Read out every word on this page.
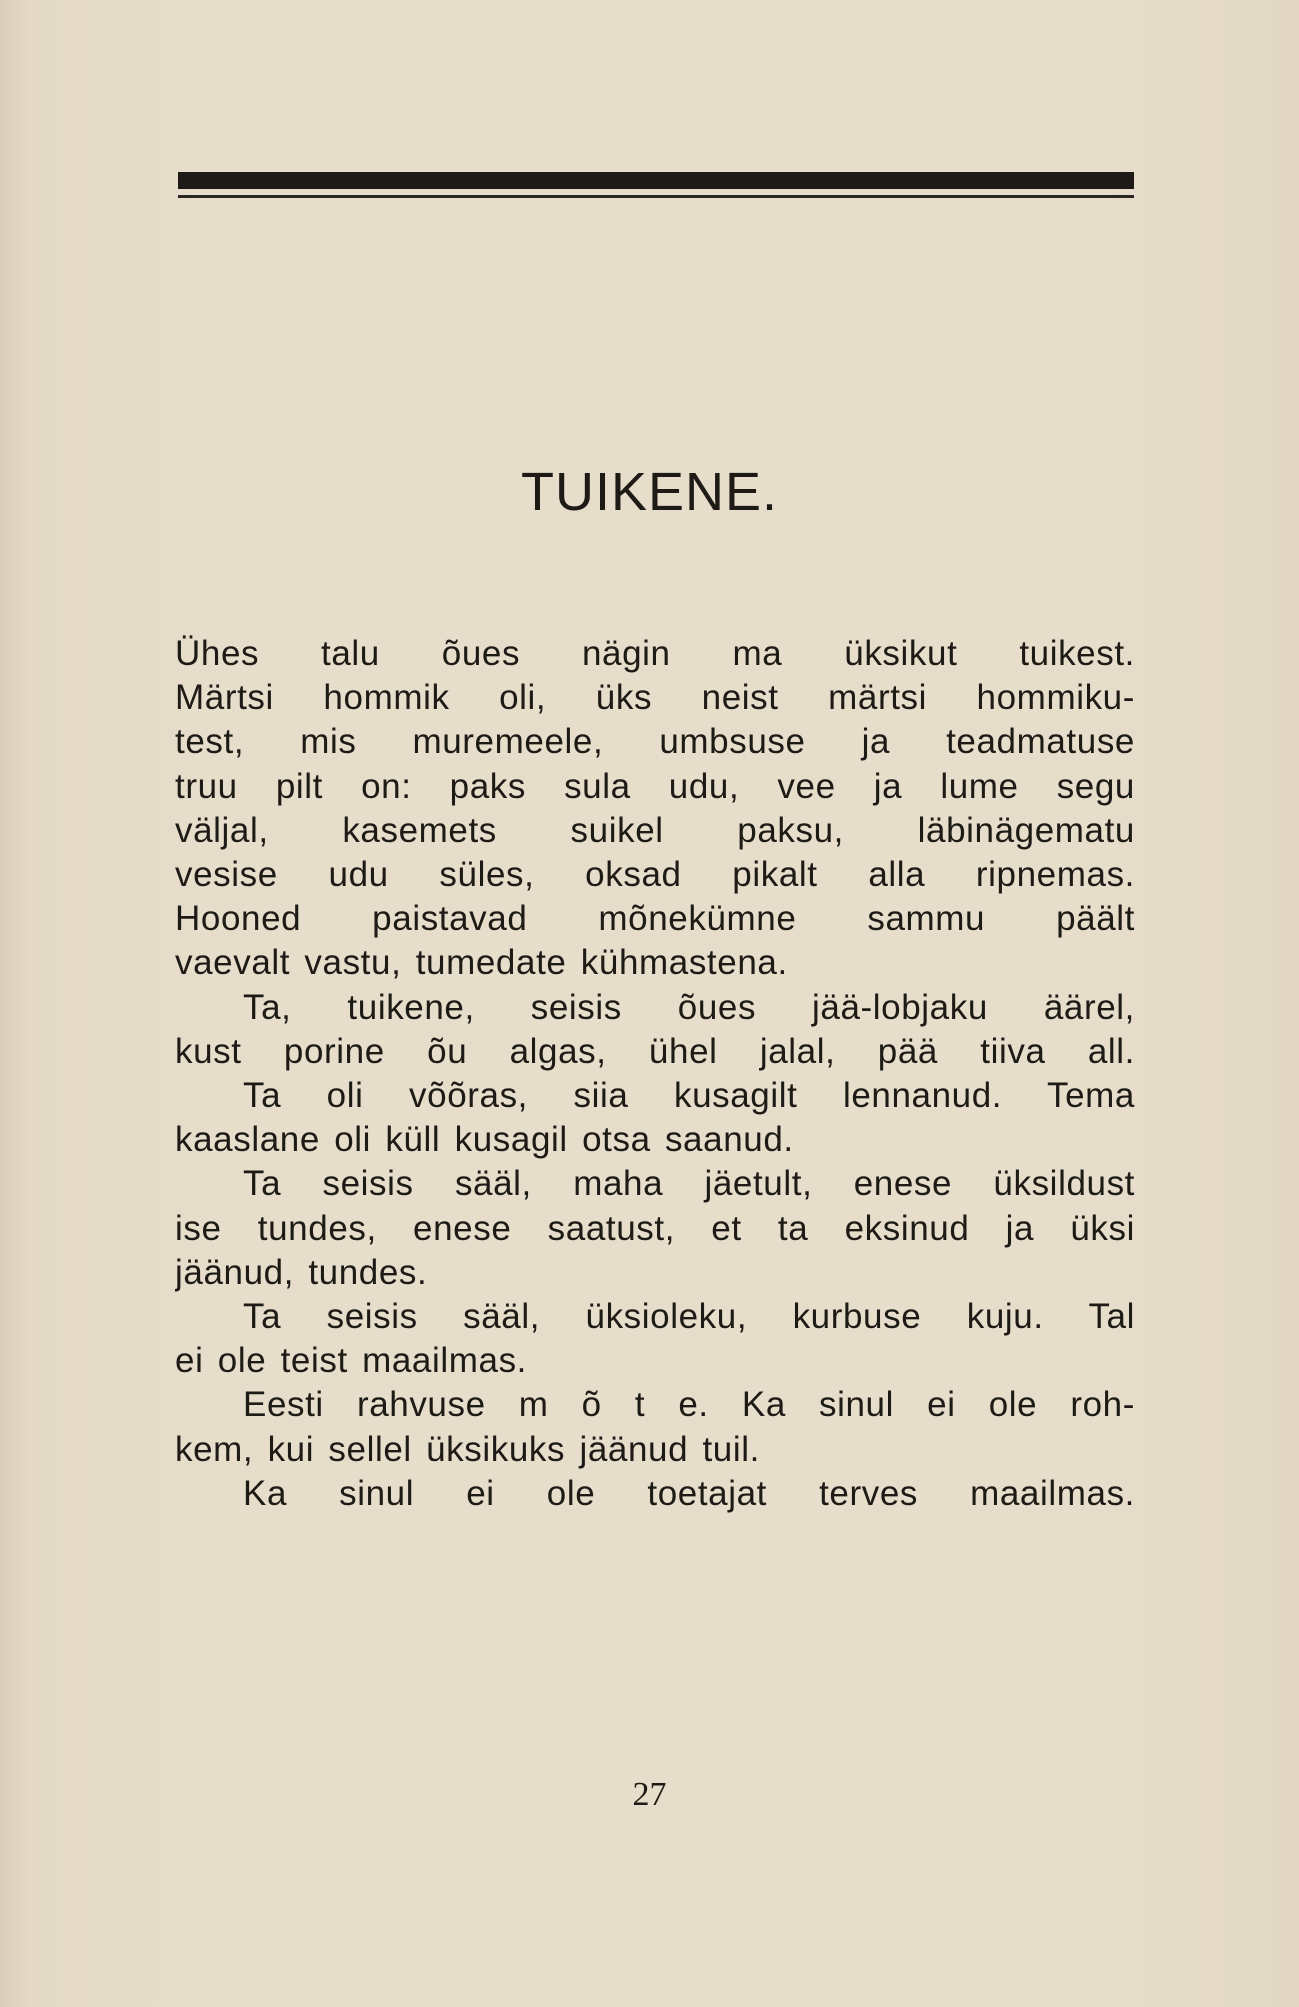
TUIKENE.
Ühes talu õues nägin ma üksikut tuikest.
Märtsi hommik oli, üks neist märtsi hommiku-
test, mis muremeele, umbsuse ja teadmatuse
truu pilt on: paks sula udu, vee ja lume segu
väljal, kasemets suikel paksu, läbinägematu
vesise udu süles, oksad pikalt alla ripnemas.
Hooned paistavad mõnekümne sammu päält
vaevalt vastu, tumedate kühmastena.
Ta, tuikene, seisis õues jää-lobjaku äärel,
kust porine õu algas, ühel jalal, pää tiiva all.
Ta oli võõras, siia kusagilt lennanud. Tema
kaaslane oli küll kusagil otsa saanud.
Ta seisis sääl, maha jäetult, enese üksildust
ise tundes, enese saatust, et ta eksinud ja üksi
jäänud, tundes.
Ta seisis sääl, üksioleku, kurbuse kuju. Tal
ei ole teist maailmas.
Eesti rahvuse m õ t e. Ka sinul ei ole roh-
kem, kui sellel üksikuks jäänud tuil.
Ka sinul ei ole toetajat terves maailmas.
27
